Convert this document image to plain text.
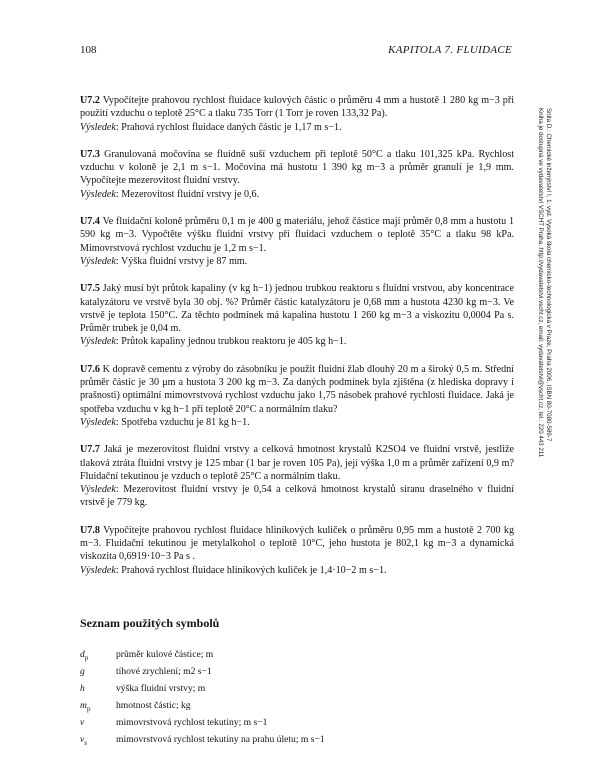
108	KAPITOLA 7. FLUIDACE

U7.2 Vypočítejte prahovou rychlost fluidace kulových částic o průměru 4 mm a hustotě 1 280 kg m−3 při použití vzduchu o teplotě 25°C a tlaku 735 Torr (1 Torr je roven 133,32 Pa).

Výsledek: Prahová rychlost fluidace daných částic je 1,17 m s−1.

U7.3 Granulovaná močovina se fluidně suší vzduchem při teplotě 50°C a tlaku 101,325 kPa. Rychlost vzduchu v koloně je 2,1 m s−1. Močovina má hustotu 1 390 kg m−3 a průměr granulí je 1,9 mm. Vypočítejte mezerovitost fluidní vrstvy.

Výsledek: Mezerovitost fluidní vrstvy je 0,6.

U7.4 Ve fluidační koloně průměru 0,1 m je 400 g materiálu, jehož částice mají průměr 0,8 mm a hustotu 1 590 kg m−3. Vypočtěte výšku fluidní vrstvy při fluidaci vzduchem o teplotě 35°C a tlaku 98 kPa. Mimovrstvová rychlost vzduchu je 1,2 m s−1.

Výsledek: Výška fluidní vrstvy je 87 mm.

U7.5 Jaký musí být průtok kapaliny (v kg h−1) jednou trubkou reaktoru s fluidní vrstvou, aby koncentrace katalyzátoru ve vrstvě byla 30 obj. %? Průměr částic katalyzátoru je 0,68 mm a hustota 4230 kg m−3. Ve vrstvě je teplota 150°C. Za těchto podmínek má kapalina hustotu 1 260 kg m−3 a viskozitu 0,0004 Pa s. Průměr trubek je 0,04 m.

Výsledek: Průtok kapaliny jednou trubkou reaktoru je 405 kg h−1.

U7.6 K dopravě cementu z výroby do zásobníku je použit fluidní žlab dlouhý 20 m a široký 0,5 m. Střední průměr částic je 30 μm a hustota 3 200 kg m−3. Za daných podmínek byla zjištěna (z hlediska dopravy i prašnosti) optimální mimovrstvová rychlost vzduchu jako 1,75 násobek prahové rychlosti fluidace. Jaká je spotřeba vzduchu v kg h−1 při teplotě 20°C a normálním tlaku?

Výsledek: Spotřeba vzduchu je 81 kg h−1.

U7.7 Jaká je mezerovitost fluidní vrstvy a celková hmotnost krystalů K2SO4 ve fluidní vrstvě, jestliže tlaková ztráta fluidní vrstvy je 125 mbar (1 bar je roven 105 Pa), její výška 1,0 m a průměr zařízení 0,9 m? Fluidační tekutinou je vzduch o teplotě 25°C a normálním tlaku.

Výsledek: Mezerovitost fluidní vrstvy je 0,54 a celková hmotnost krystalů síranu draselného v fluidní vrstvě je 779 kg.

U7.8 Vypočítejte prahovou rychlost fluidace hliníkových kuliček o průměru 0,95 mm a hustotě 2 700 kg m−3. Fluidační tekutinou je metylalkohol o teplotě 10°C, jeho hustota je 802,1 kg m−3 a dynamická viskozita 0,6919·10−3 Pa s .

Výsledek: Prahová rychlost fluidace hliníkových kuliček je 1,4·10−2 m s−1.

Seznam použitých symbolů
$d_p$	průměr kulové částice; m
g	tíhové zrychlení; m2 s−1
h	výška fluidní vrstvy; m
$m_p$	hmotnost částic; kg
v	mimovrstvová rychlost tekutiny; m s−1
$v_s$	mimovrstvová rychlost tekutiny na prahu úletu; m s−1
Šnita D.: Chemické inženýrství I, 1. vyd. Vysoká škola chemicko-technologická v Praze, Praha 2006, ISBN 80-7080-589-7
Kniha je dostupná ve vydavatelství VŠCHT Praha, http://vydavatelstvi.vscht.cz, email: vydavatelstvi@vscht.cz, tel.: 220 443 211
